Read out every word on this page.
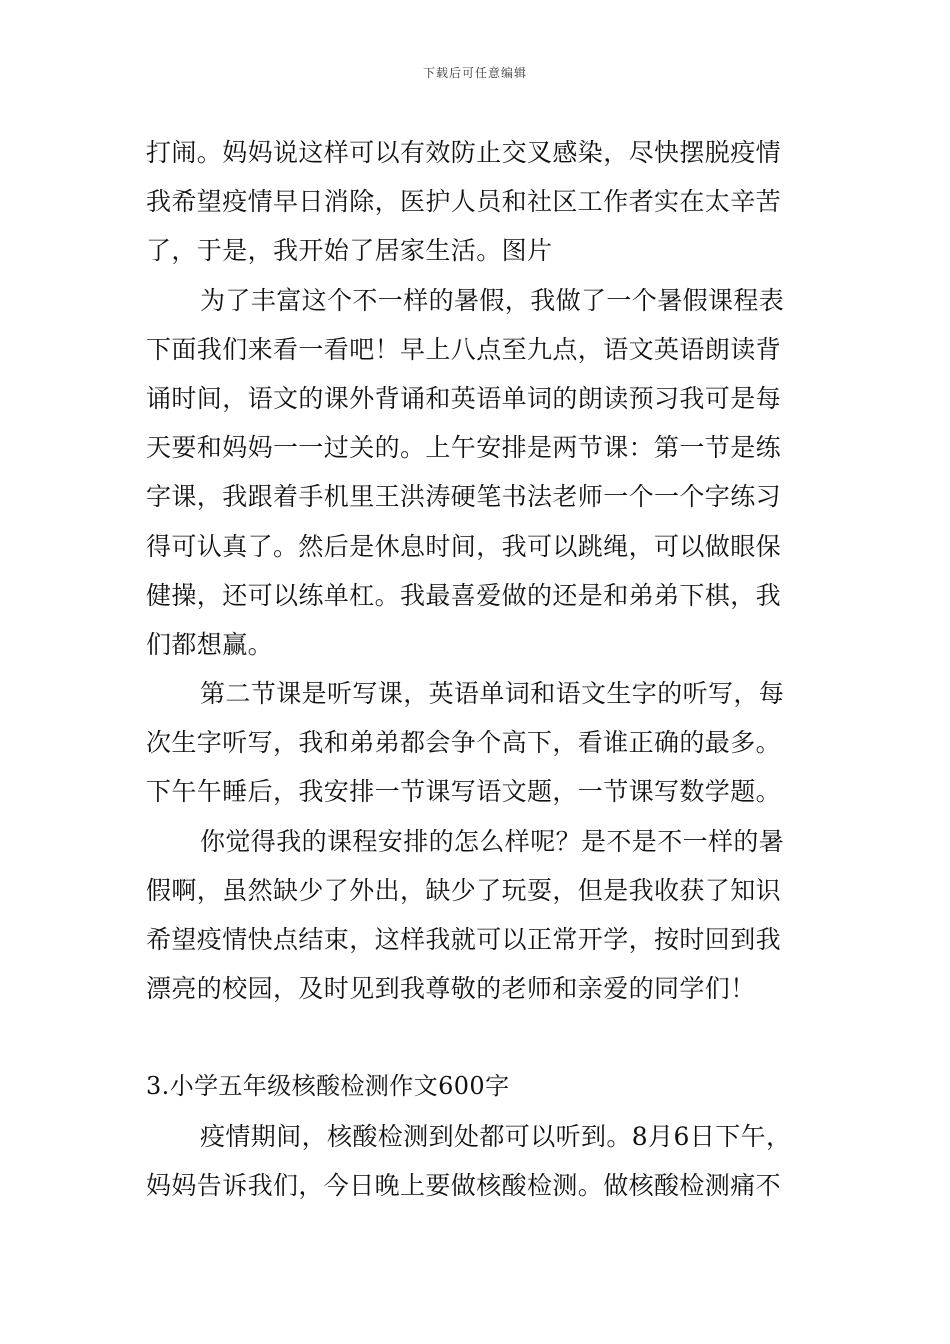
下载后可任意编辑
打闹。妈妈说这样可以有效防止交叉感染，尽快摆脱疫情
我希望疫情早日消除，医护人员和社区工作者实在太辛苦
了，于是，我开始了居家生活。图片
为了丰富这个不一样的暑假，我做了一个暑假课程表
下面我们来看一看吧！早上八点至九点，语文英语朗读背
诵时间，语文的课外背诵和英语单词的朗读预习我可是每
天要和妈妈一一过关的。上午安排是两节课：第一节是练
字课，我跟着手机里王洪涛硬笔书法老师一个一个字练习
得可认真了。然后是休息时间，我可以跳绳，可以做眼保
健操，还可以练单杠。我最喜爱做的还是和弟弟下棋，我
们都想赢。
第二节课是听写课，英语单词和语文生字的听写，每
次生字听写，我和弟弟都会争个高下，看谁正确的最多。
下午午睡后，我安排一节课写语文题，一节课写数学题。
你觉得我的课程安排的怎么样呢？是不是不一样的暑
假啊，虽然缺少了外出，缺少了玩耍，但是我收获了知识
希望疫情快点结束，这样我就可以正常开学，按时回到我
漂亮的校园，及时见到我尊敬的老师和亲爱的同学们！
3.小学五年级核酸检测作文600字
疫情期间，核酸检测到处都可以听到。8月6日下午，
妈妈告诉我们，今日晚上要做核酸检测。做核酸检测痛不
